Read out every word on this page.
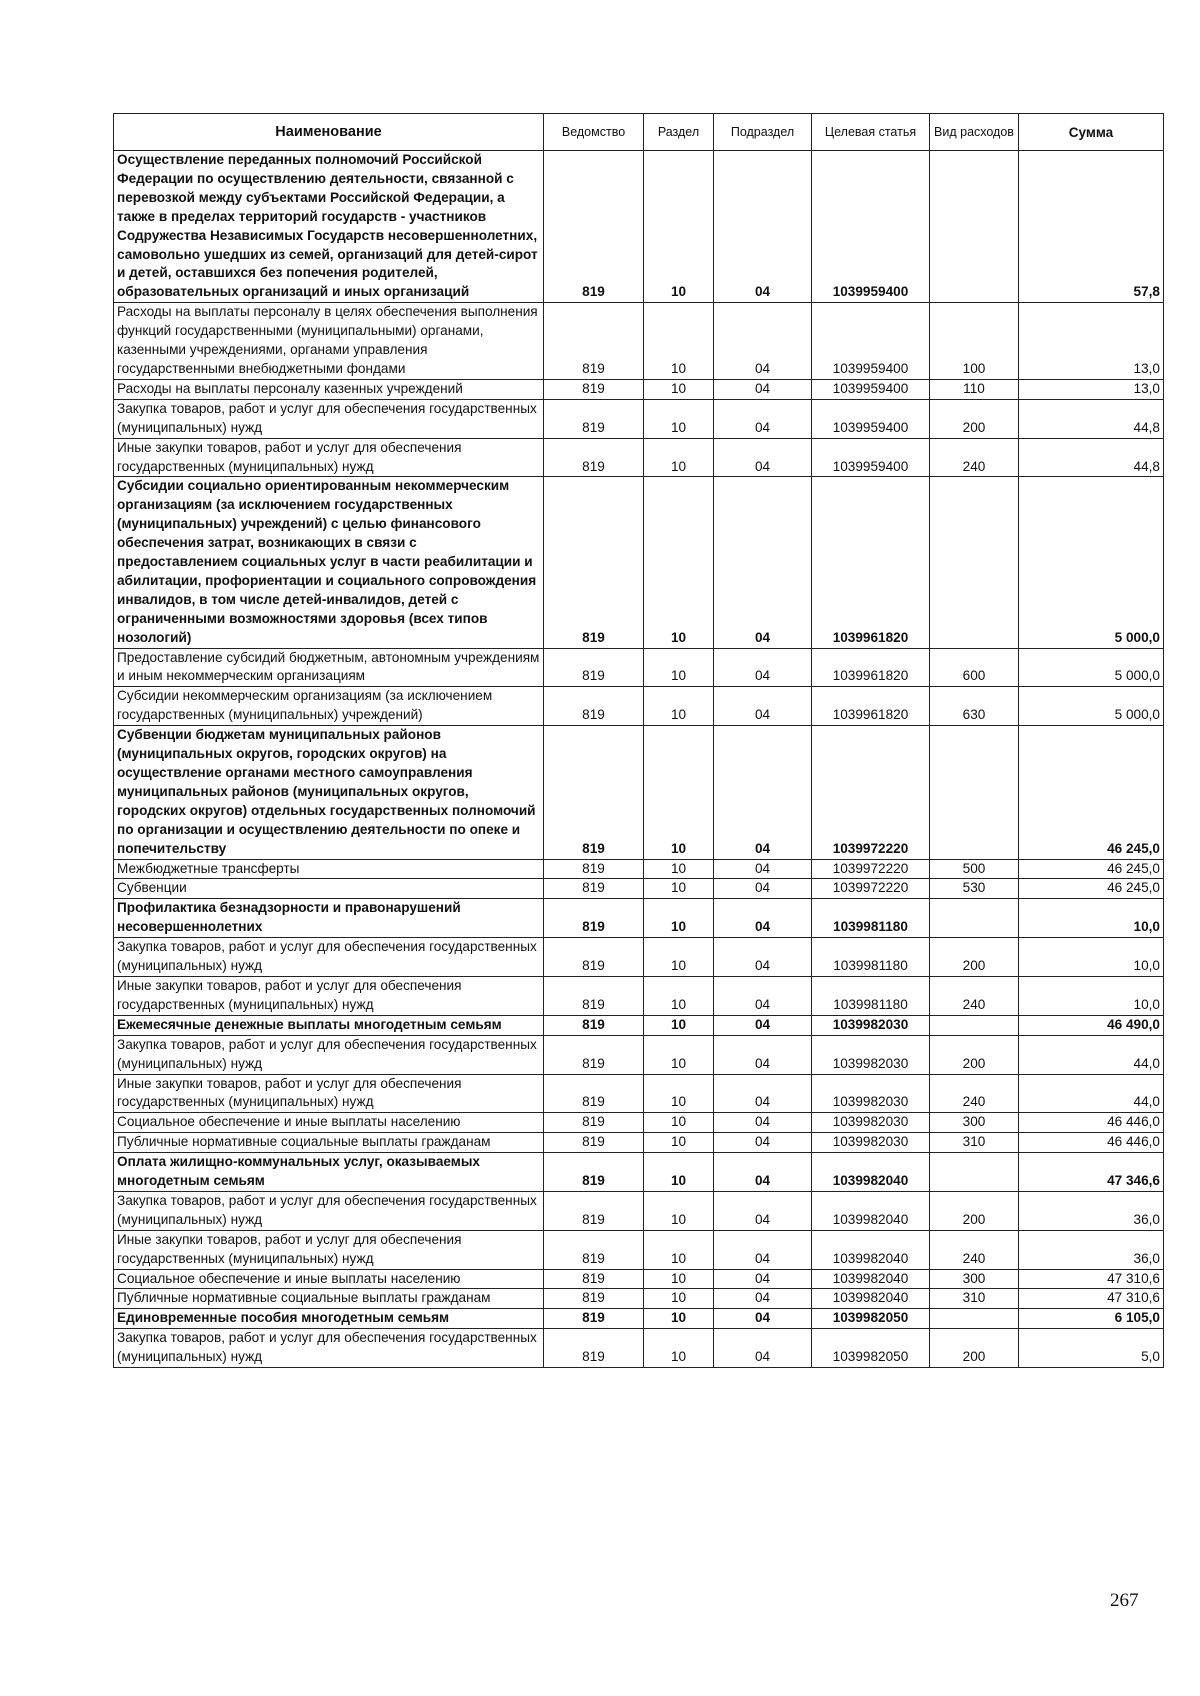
Наименование	Ведомство	Раздел	Подраздел	Целевая статья	Вид расходов	Сумма
Осуществление переданных полномочий Российской Федерации по осуществлению деятельности, связанной с перевозкой между субъектами Российской Федерации, а также в пределах территорий государств - участников Содружества Независимых Государств несовершеннолетних, самовольно ушедших из семей, организаций для детей-сирот и детей, оставшихся без попечения родителей, образовательных организаций и иных организаций	819	10	04	1039959400		57,8
Расходы на выплаты персоналу в целях обеспечения выполнения функций государственными (муниципальными) органами, казенными учреждениями, органами управления государственными внебюджетными фондами	819	10	04	1039959400	100	13,0
Расходы на выплаты персоналу казенных учреждений	819	10	04	1039959400	110	13,0
Закупка товаров, работ и услуг для обеспечения государственных (муниципальных) нужд	819	10	04	1039959400	200	44,8
Иные закупки товаров, работ и услуг для обеспечения государственных (муниципальных) нужд	819	10	04	1039959400	240	44,8
Субсидии социально ориентированным некоммерческим организациям (за исключением государственных (муниципальных) учреждений) с целью финансового обеспечения затрат, возникающих в связи с предоставлением социальных услуг в части реабилитации и абилитации, профориентации и социального сопровождения инвалидов, в том числе детей-инвалидов, детей с ограниченными возможностями здоровья (всех типов нозологий)	819	10	04	1039961820		5 000,0
Предоставление субсидий бюджетным, автономным учреждениям и иным некоммерческим организациям	819	10	04	1039961820	600	5 000,0
Субсидии некоммерческим организациям (за исключением государственных (муниципальных) учреждений)	819	10	04	1039961820	630	5 000,0
Субвенции бюджетам муниципальных районов (муниципальных округов, городских округов) на осуществление органами местного самоуправления муниципальных районов (муниципальных округов, городских округов) отдельных государственных полномочий по организации и осуществлению деятельности по опеке и попечительству	819	10	04	1039972220		46 245,0
Межбюджетные трансферты	819	10	04	1039972220	500	46 245,0
Субвенции	819	10	04	1039972220	530	46 245,0
Профилактика безнадзорности и правонарушений несовершеннолетних	819	10	04	1039981180		10,0
Закупка товаров, работ и услуг для обеспечения государственных (муниципальных) нужд	819	10	04	1039981180	200	10,0
Иные закупки товаров, работ и услуг для обеспечения государственных (муниципальных) нужд	819	10	04	1039981180	240	10,0
Ежемесячные денежные выплаты многодетным семьям	819	10	04	1039982030		46 490,0
Закупка товаров, работ и услуг для обеспечения государственных (муниципальных) нужд	819	10	04	1039982030	200	44,0
Иные закупки товаров, работ и услуг для обеспечения государственных (муниципальных) нужд	819	10	04	1039982030	240	44,0
Социальное обеспечение и иные выплаты населению	819	10	04	1039982030	300	46 446,0
Публичные нормативные социальные выплаты гражданам	819	10	04	1039982030	310	46 446,0
Оплата жилищно-коммунальных услуг, оказываемых многодетным семьям	819	10	04	1039982040		47 346,6
Закупка товаров, работ и услуг для обеспечения государственных (муниципальных) нужд	819	10	04	1039982040	200	36,0
Иные закупки товаров, работ и услуг для обеспечения государственных (муниципальных) нужд	819	10	04	1039982040	240	36,0
Социальное обеспечение и иные выплаты населению	819	10	04	1039982040	300	47 310,6
Публичные нормативные социальные выплаты гражданам	819	10	04	1039982040	310	47 310,6
Единовременные пособия многодетным семьям	819	10	04	1039982050		6 105,0
Закупка товаров, работ и услуг для обеспечения государственных (муниципальных) нужд	819	10	04	1039982050	200	5,0
267
